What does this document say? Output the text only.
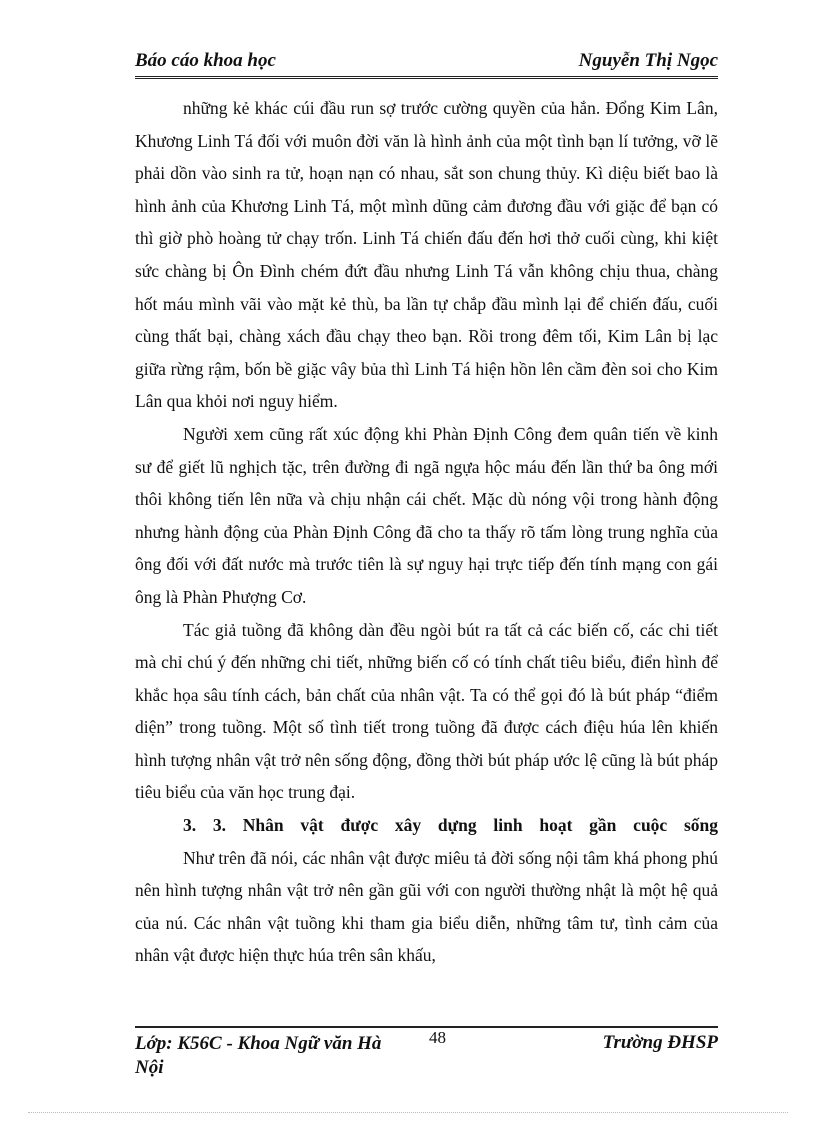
Báo cáo khoa học	Nguyễn Thị Ngọc

những kẻ khác cúi đầu run sợ trước cường quyền của hắn. Đổng Kim Lân, Khương Linh Tá đối với muôn đời văn là hình ảnh của một tình bạn lí tưởng, vỡ lẽ phải dồn vào sinh ra tử, hoạn nạn có nhau, sắt son chung thủy. Kì diệu biết bao là hình ảnh của Khương Linh Tá, một mình dũng cảm đương đầu với giặc để bạn có thì giờ phò hoàng tử chạy trốn. Linh Tá chiến đấu đến hơi thở cuối cùng, khi kiệt sức chàng bị Ôn Đình chém đứt đầu nhưng Linh Tá vẫn không chịu thua, chàng hốt máu mình vãi vào mặt kẻ thù, ba lần tự chắp đầu mình lại để chiến đấu, cuối cùng thất bại, chàng xách đầu chạy theo bạn. Rồi trong đêm tối, Kim Lân bị lạc giữa rừng rậm, bốn bề giặc vây bủa thì Linh Tá hiện hồn lên cầm đèn soi cho Kim Lân qua khỏi nơi nguy hiểm.

Người xem cũng rất xúc động khi Phàn Định Công đem quân tiến về kinh sư để giết lũ nghịch tặc, trên đường đi ngã ngựa hộc máu đến lần thứ ba ông mới thôi không tiến lên nữa và chịu nhận cái chết. Mặc dù nóng vội trong hành động nhưng hành động của Phàn Định Công đã cho ta thấy rõ tấm lòng trung nghĩa của ông đối với đất nước mà trước tiên là sự nguy hại trực tiếp đến tính mạng con gái ông là Phàn Phượng Cơ.

Tác giả tuồng đã không dàn đều ngòi bút ra tất cả các biến cố, các chi tiết mà chỉ chú ý đến những chi tiết, những biến cố có tính chất tiêu biểu, điển hình để khắc họa sâu tính cách, bản chất của nhân vật. Ta có thể gọi đó là bút pháp “điểm diện” trong tuồng. Một số tình tiết trong tuồng đã được cách điệu húa lên khiến hình tượng nhân vật trở nên sống động, đồng thời bút pháp ước lệ cũng là bút pháp tiêu biểu của văn học trung đại.

3. 3. Nhân vật được xây dựng linh hoạt gần cuộc sống

Như trên đã nói, các nhân vật được miêu tả đời sống nội tâm khá phong phú nên hình tượng nhân vật trở nên gần gũi với con người thường nhật là một hệ quả của nú. Các nhân vật tuồng khi tham gia biểu diễn, những tâm tư, tình cảm của nhân vật được hiện thực húa trên sân khấu,

Lớp: K56C - Khoa Ngữ văn Hà Nội
48	Trường ĐHSP
